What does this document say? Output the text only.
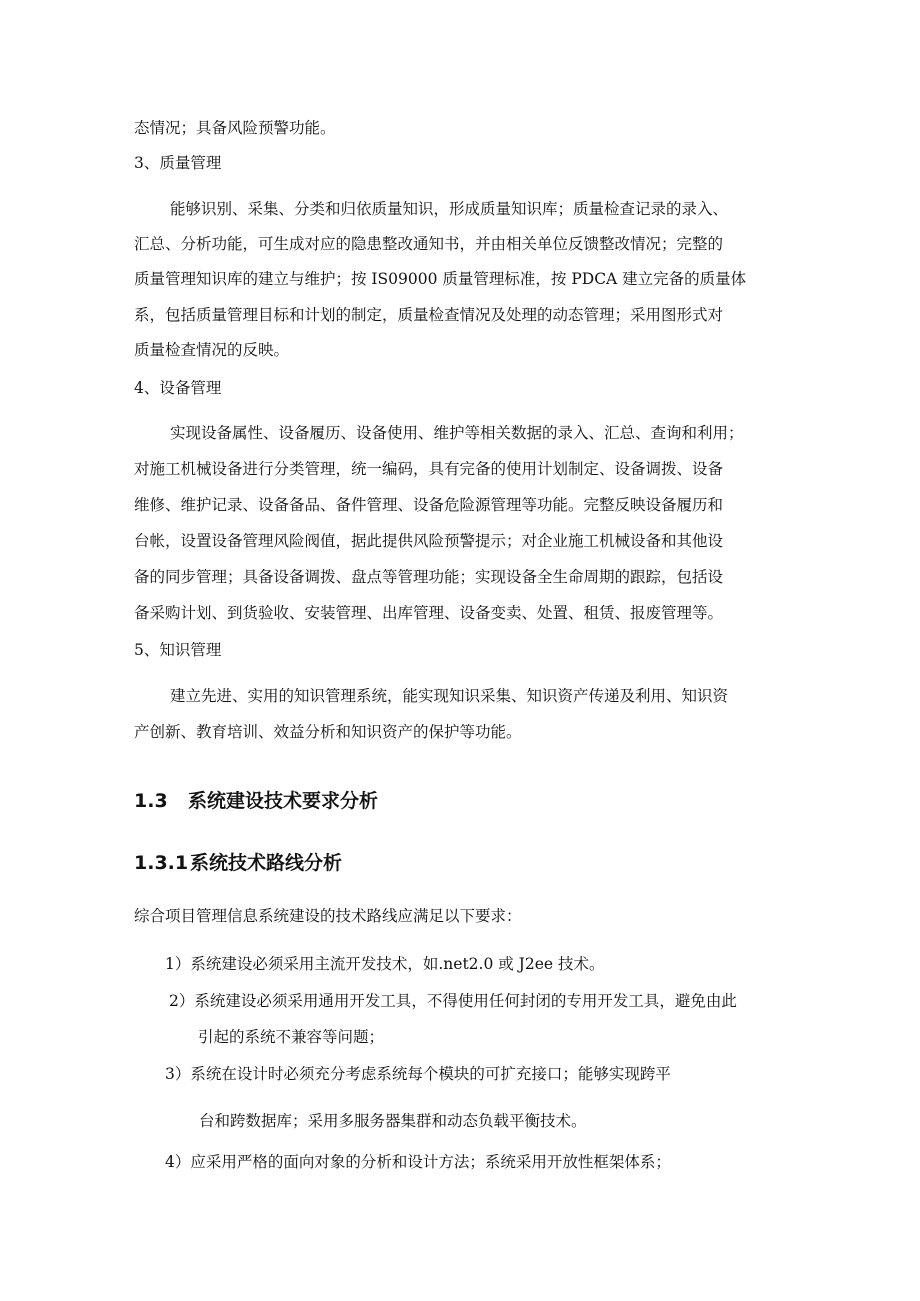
态情况；具备风险预警功能。
3、质量管理
能够识别、采集、分类和归依质量知识，形成质量知识库；质量检查记录的录入、
汇总、分析功能，可生成对应的隐患整改通知书，并由相关单位反馈整改情况；完整的
质量管理知识库的建立与维护；按 IS09000 质量管理标准，按 PDCA 建立完备的质量体
系，包括质量管理目标和计划的制定，质量检查情况及处理的动态管理；采用图形式对
质量检查情况的反映。
4、设备管理
实现设备属性、设备履历、设备使用、维护等相关数据的录入、汇总、查询和利用；
对施工机械设备进行分类管理，统一编码，具有完备的使用计划制定、设备调拨、设备
维修、维护记录、设备备品、备件管理、设备危险源管理等功能。完整反映设备履历和
台帐，设置设备管理风险阀值，据此提供风险预警提示；对企业施工机械设备和其他设
备的同步管理；具备设备调拨、盘点等管理功能；实现设备全生命周期的跟踪，包括设
备采购计划、到货验收、安装管理、出库管理、设备变卖、处置、租赁、报废管理等。
5、知识管理
建立先进、实用的知识管理系统，能实现知识采集、知识资产传递及利用、知识资
产创新、教育培训、效益分析和知识资产的保护等功能。
1.3 系统建设技术要求分析
1.3.1系统技术路线分析
综合项目管理信息系统建设的技术路线应满足以下要求：
1）系统建设必须采用主流开发技术，如.net2.0 或 J2ee 技术。
2）系统建设必须采用通用开发工具，不得使用任何封闭的专用开发工具，避免由此
引起的系统不兼容等问题；
3）系统在设计时必须充分考虑系统每个模块的可扩充接口；能够实现跨平
台和跨数据库；采用多服务器集群和动态负载平衡技术。
4）应采用严格的面向对象的分析和设计方法；系统采用开放性框架体系；
